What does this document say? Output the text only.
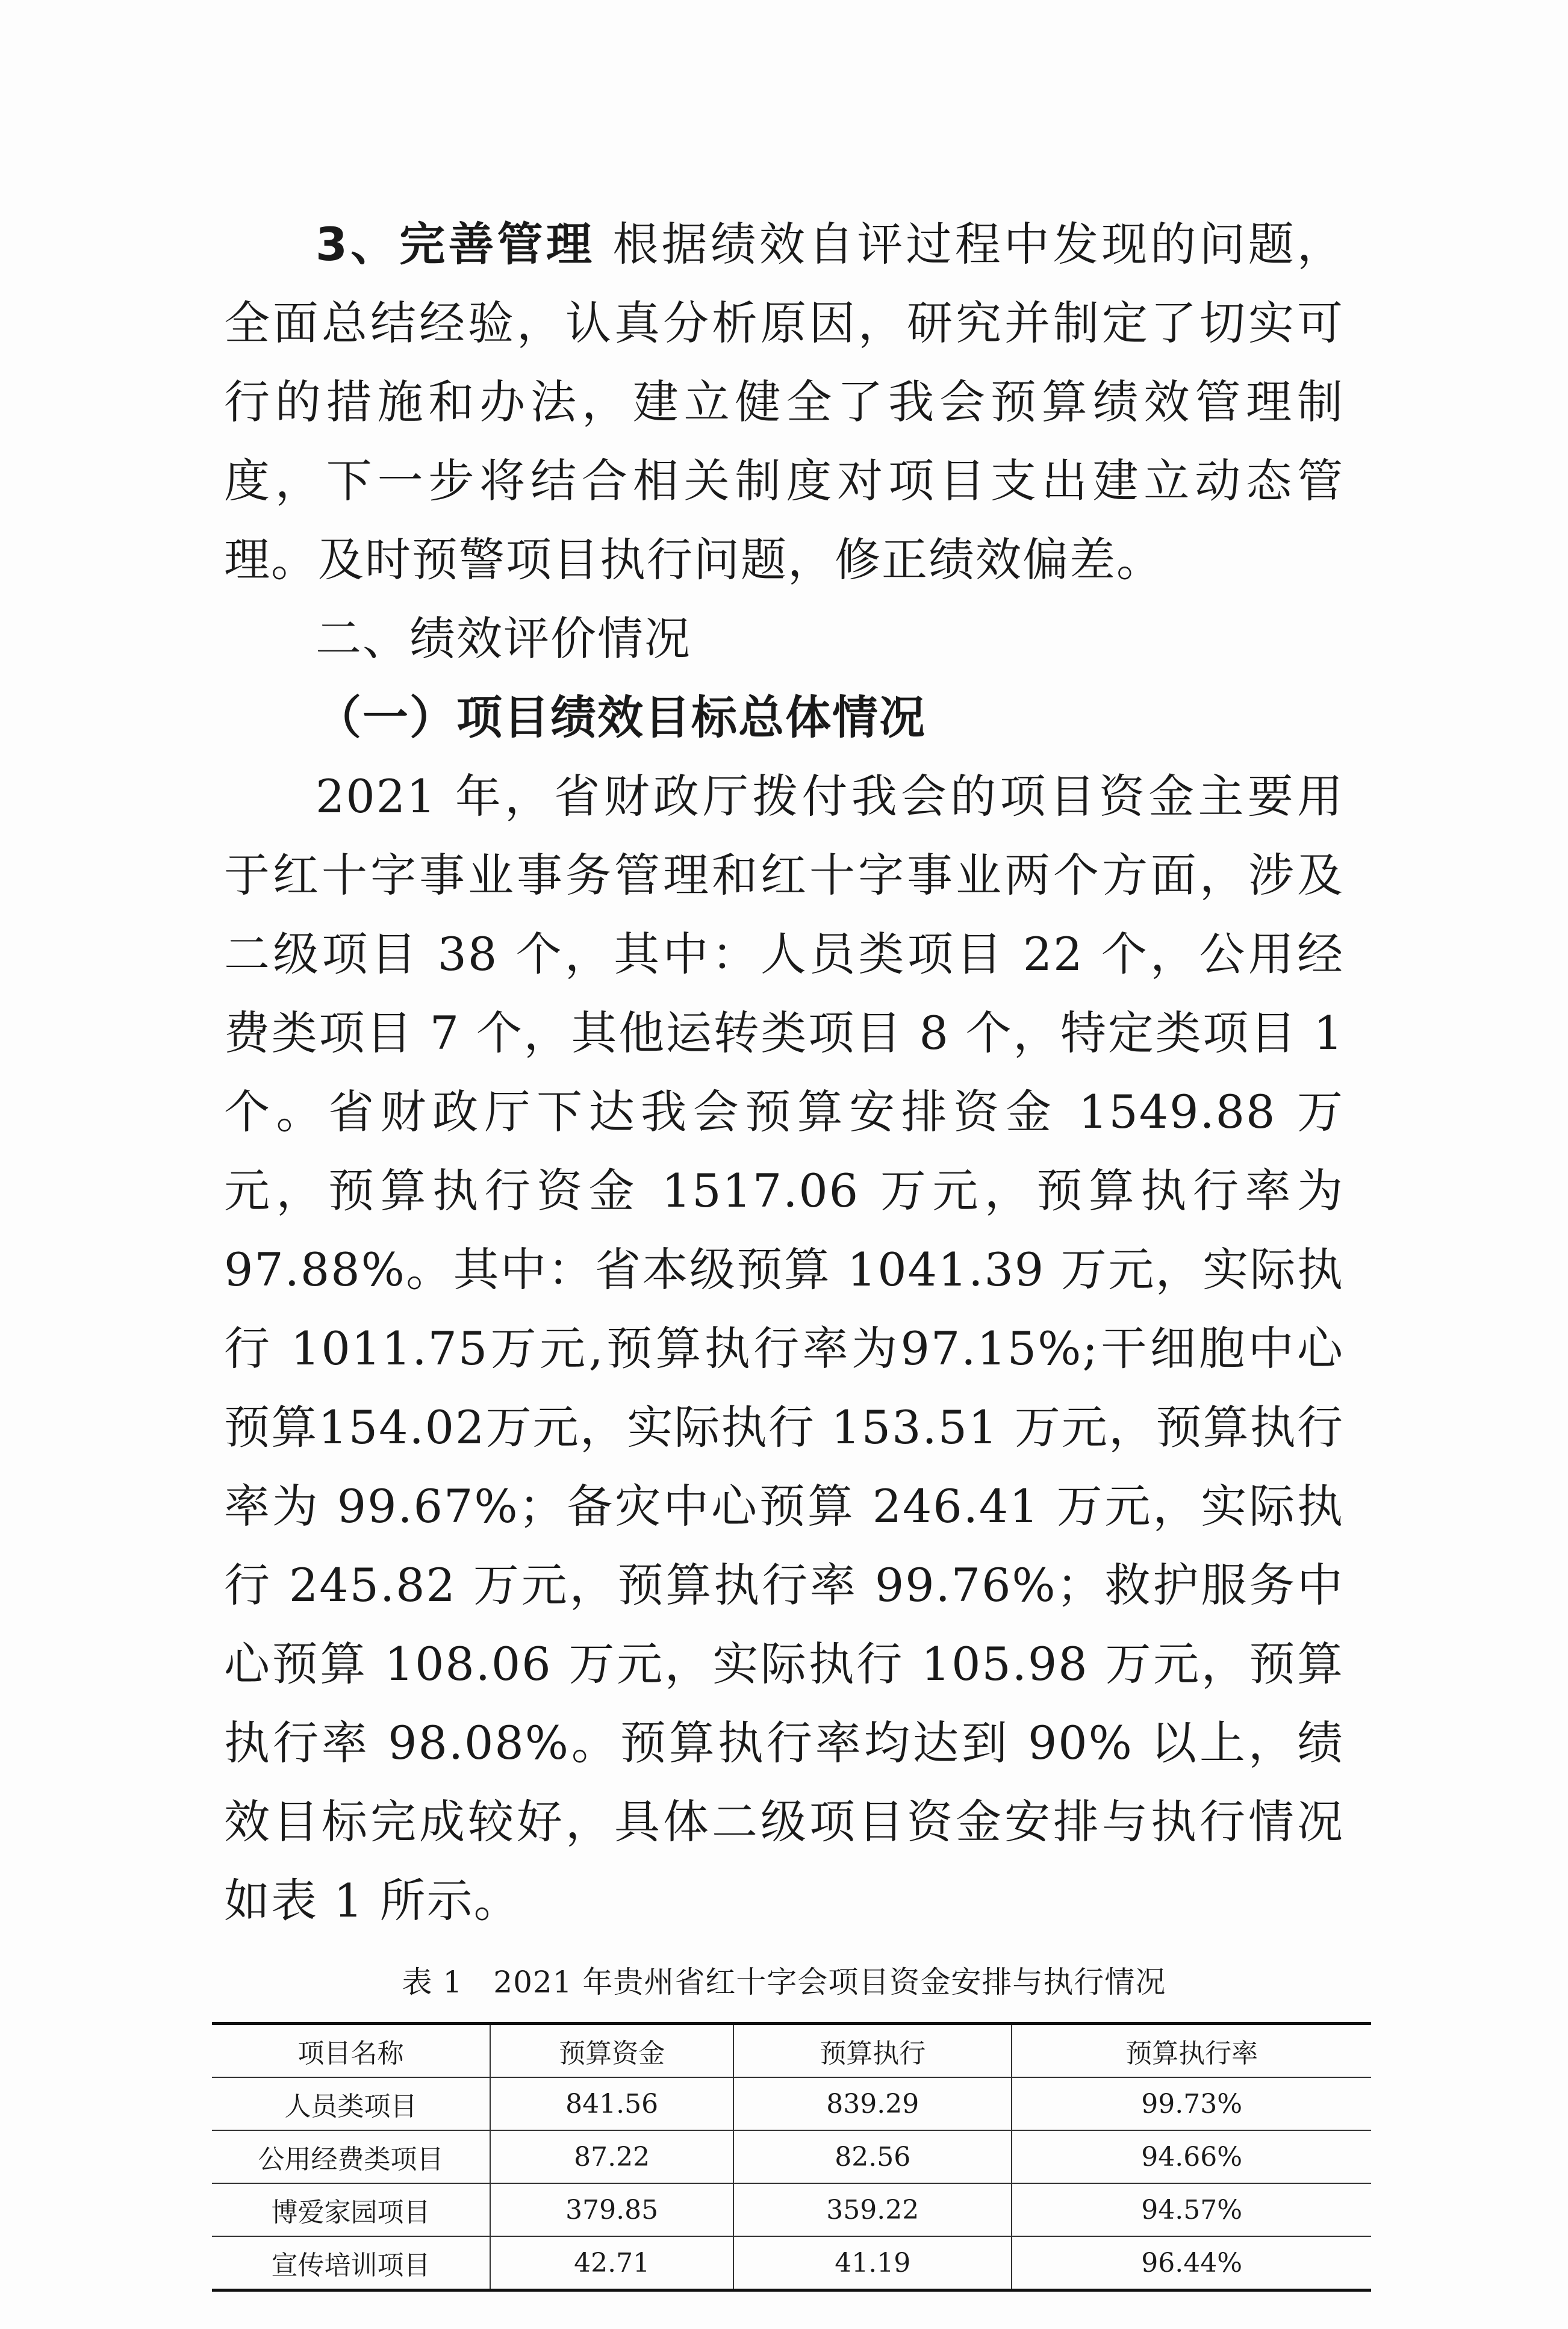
3、完善管理 根据绩效自评过程中发现的问题，全面总结经验，认真分析原因，研究并制定了切实可行的措施和办法，建立健全了我会预算绩效管理制度，下一步将结合相关制度对项目支出建立动态管理。及时预警项目执行问题，修正绩效偏差。

二、绩效评价情况

（一）项目绩效目标总体情况

2021 年，省财政厅拨付我会的项目资金主要用于红十字事业事务管理和红十字事业两个方面，涉及二级项目 38 个，其中：人员类项目 22 个，公用经费类项目 7 个，其他运转类项目 8 个，特定类项目 1 个。省财政厅下达我会预算安排资金 1549.88 万元，预算执行资金 1517.06 万元，预算执行率为 97.88%。其中：省本级预算 1041.39 万元，实际执行 1011.75万元,预算执行率为97.15%;干细胞中心预算154.02万元，实际执行 153.51 万元，预算执行率为 99.67%；备灾中心预算 246.41 万元，实际执行 245.82 万元，预算执行率 99.76%；救护服务中心预算 108.06 万元，实际执行 105.98 万元，预算执行率 98.08%。预算执行率均达到 90% 以上，绩效目标完成较好，具体二级项目资金安排与执行情况如表 1 所示。

表 1　2021 年贵州省红十字会项目资金安排与执行情况
项目名称	预算资金	预算执行	预算执行率
人员类项目	841.56	839.29	99.73%
公用经费类项目	87.22	82.56	94.66%
博爱家园项目	379.85	359.22	94.57%
宣传培训项目	42.71	41.19	96.44%
